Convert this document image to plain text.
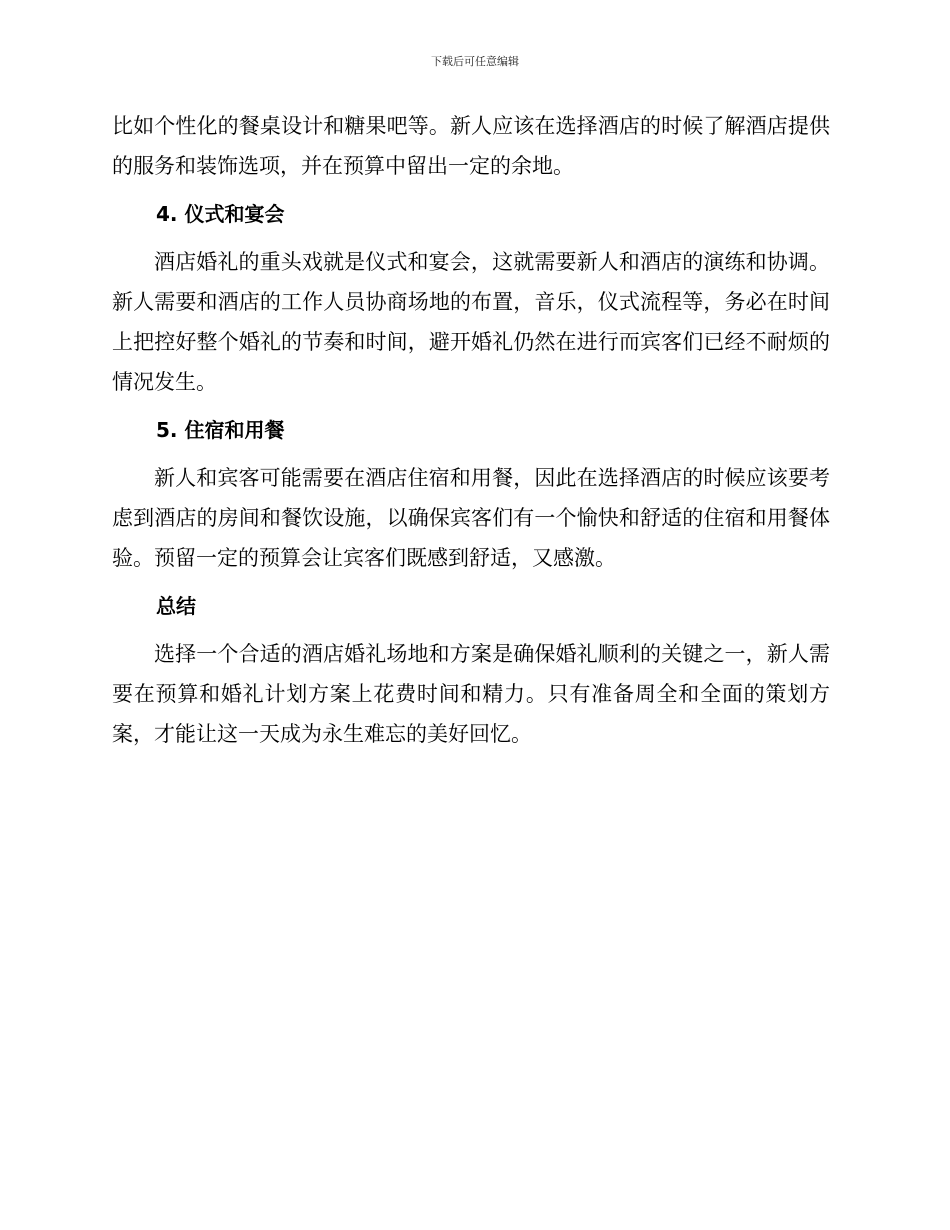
下载后可任意编辑

比如个性化的餐桌设计和糖果吧等。新人应该在选择酒店的时候了解酒店提供的服务和装饰选项，并在预算中留出一定的余地。

4. 仪式和宴会

酒店婚礼的重头戏就是仪式和宴会，这就需要新人和酒店的演练和协调。新人需要和酒店的工作人员协商场地的布置，音乐，仪式流程等，务必在时间上把控好整个婚礼的节奏和时间，避开婚礼仍然在进行而宾客们已经不耐烦的情况发生。

5. 住宿和用餐

新人和宾客可能需要在酒店住宿和用餐，因此在选择酒店的时候应该要考虑到酒店的房间和餐饮设施，以确保宾客们有一个愉快和舒适的住宿和用餐体验。预留一定的预算会让宾客们既感到舒适，又感激。

总结

选择一个合适的酒店婚礼场地和方案是确保婚礼顺利的关键之一，新人需要在预算和婚礼计划方案上花费时间和精力。只有准备周全和全面的策划方案，才能让这一天成为永生难忘的美好回忆。
